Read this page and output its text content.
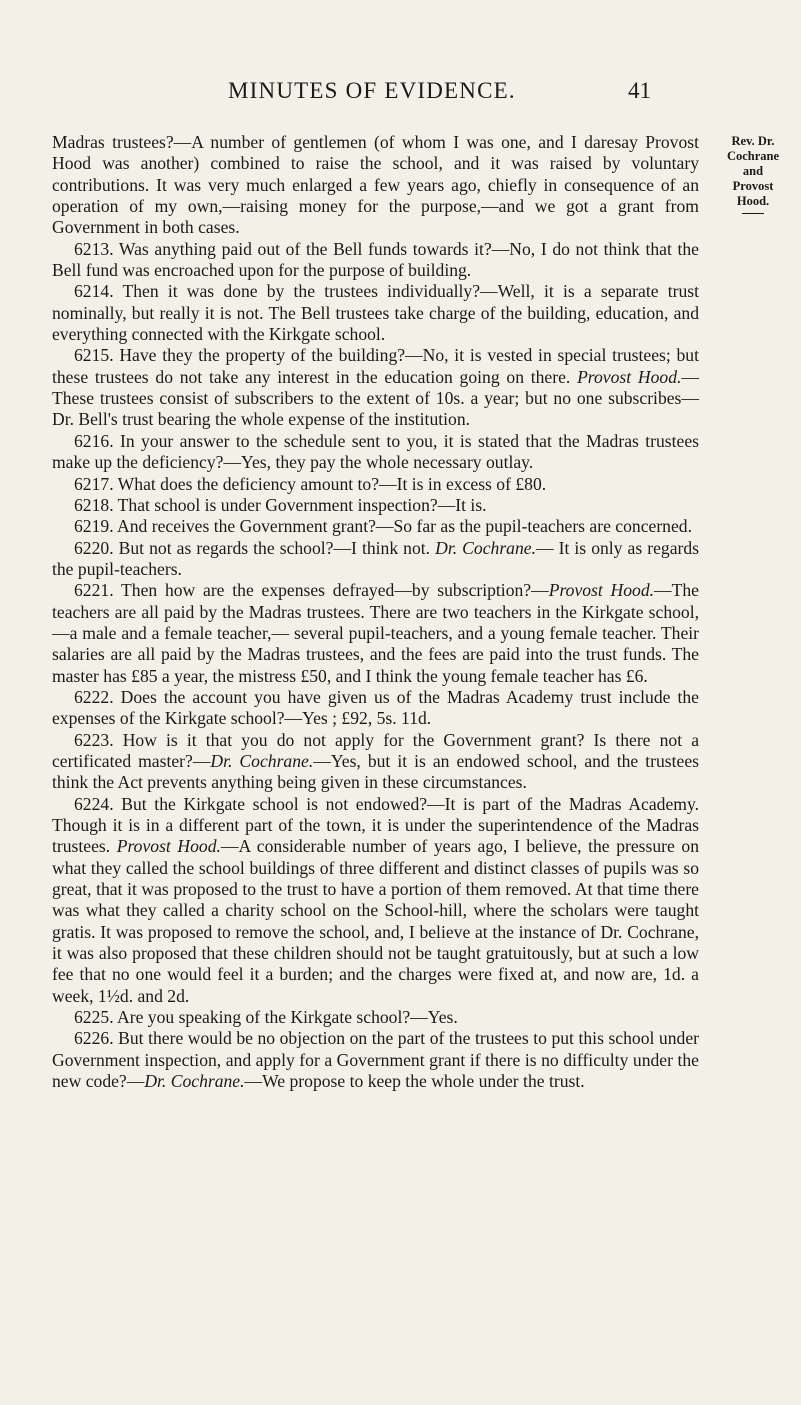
MINUTES OF EVIDENCE.	41
Rev. Dr.
Cochrane
and
Provost
Hood.

Madras trustees?—A number of gentlemen (of whom I was one, and I daresay Provost Hood was another) combined to raise the school, and it was raised by voluntary contributions. It was very much enlarged a few years ago, chiefly in consequence of an operation of my own,—raising money for the purpose,—and we got a grant from Government in both cases.

6213. Was anything paid out of the Bell funds towards it?—No, I do not think that the Bell fund was encroached upon for the purpose of building.

6214. Then it was done by the trustees individually?—Well, it is a separate trust nominally, but really it is not. The Bell trustees take charge of the building, education, and everything connected with the Kirkgate school.

6215. Have they the property of the building?—No, it is vested in special trustees; but these trustees do not take any interest in the education going on there. Provost Hood.—These trustees consist of subscribers to the extent of 10s. a year; but no one subscribes—Dr. Bell's trust bearing the whole expense of the institution.

6216. In your answer to the schedule sent to you, it is stated that the Madras trustees make up the deficiency?—Yes, they pay the whole necessary outlay.

6217. What does the deficiency amount to?—It is in excess of £80.

6218. That school is under Government inspection?—It is.

6219. And receives the Government grant?—So far as the pupil-teachers are concerned.

6220. But not as regards the school?—I think not. Dr. Cochrane.— It is only as regards the pupil-teachers.

6221. Then how are the expenses defrayed—by subscription?—Provost Hood.—The teachers are all paid by the Madras trustees. There are two teachers in the Kirkgate school,—a male and a female teacher,— several pupil-teachers, and a young female teacher. Their salaries are all paid by the Madras trustees, and the fees are paid into the trust funds. The master has £85 a year, the mistress £50, and I think the young female teacher has £6.

6222. Does the account you have given us of the Madras Academy trust include the expenses of the Kirkgate school?—Yes ; £92, 5s. 11d.

6223. How is it that you do not apply for the Government grant? Is there not a certificated master?—Dr. Cochrane.—Yes, but it is an endowed school, and the trustees think the Act prevents anything being given in these circumstances.

6224. But the Kirkgate school is not endowed?—It is part of the Madras Academy. Though it is in a different part of the town, it is under the superintendence of the Madras trustees. Provost Hood.—A considerable number of years ago, I believe, the pressure on what they called the school buildings of three different and distinct classes of pupils was so great, that it was proposed to the trust to have a portion of them removed. At that time there was what they called a charity school on the School-hill, where the scholars were taught gratis. It was proposed to remove the school, and, I believe at the instance of Dr. Cochrane, it was also proposed that these children should not be taught gratuitously, but at such a low fee that no one would feel it a burden; and the charges were fixed at, and now are, 1d. a week, 1½d. and 2d.

6225. Are you speaking of the Kirkgate school?—Yes.

6226. But there would be no objection on the part of the trustees to put this school under Government inspection, and apply for a Government grant if there is no difficulty under the new code?—Dr. Cochrane.—We propose to keep the whole under the trust.
